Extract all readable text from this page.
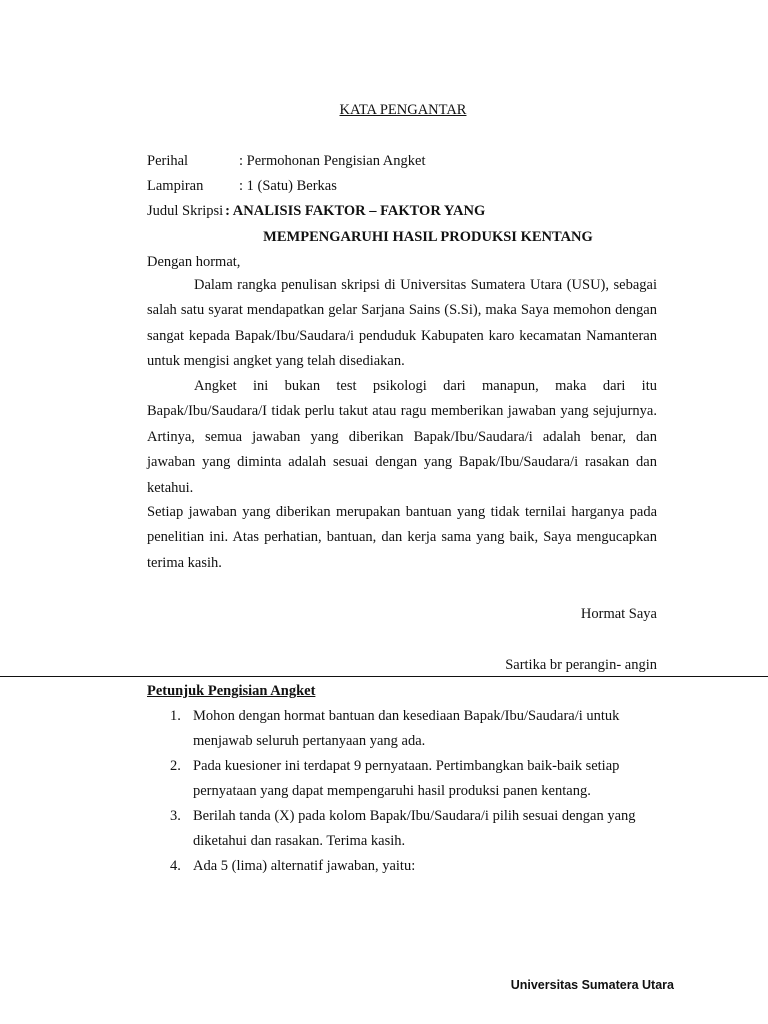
KATA PENGANTAR
Perihal	: Permohonan Pengisian Angket
Lampiran : 1 (Satu) Berkas
Judul Skripsi : ANALISIS FAKTOR – FAKTOR YANG
MEMPENGARUHI HASIL PRODUKSI KENTANG
Dengan hormat,
Dalam rangka penulisan skripsi di Universitas Sumatera Utara (USU), sebagai salah satu syarat mendapatkan gelar Sarjana Sains (S.Si), maka Saya memohon dengan sangat kepada Bapak/Ibu/Saudara/i penduduk Kabupaten karo kecamatan Namanteran untuk mengisi angket yang telah disediakan.
Angket ini bukan test psikologi dari manapun, maka dari itu Bapak/Ibu/Saudara/I tidak perlu takut atau ragu memberikan jawaban yang sejujurnya. Artinya, semua jawaban yang diberikan Bapak/Ibu/Saudara/i adalah benar, dan jawaban yang diminta adalah sesuai dengan yang Bapak/Ibu/Saudara/i rasakan dan ketahui.
Setiap jawaban yang diberikan merupakan bantuan yang tidak ternilai harganya pada penelitian ini. Atas perhatian, bantuan, dan kerja sama yang baik, Saya mengucapkan terima kasih.
Hormat Saya
Sartika br perangin- angin
Petunjuk Pengisian Angket
1. Mohon dengan hormat bantuan dan kesediaan Bapak/Ibu/Saudara/i untuk menjawab seluruh pertanyaan yang ada.
2. Pada kuesioner ini terdapat 9 pernyataan. Pertimbangkan baik-baik setiap pernyataan yang dapat mempengaruhi hasil produksi panen kentang.
3. Berilah tanda (X) pada kolom Bapak/Ibu/Saudara/i pilih sesuai dengan yang diketahui dan rasakan. Terima kasih.
4. Ada 5 (lima) alternatif jawaban, yaitu:
Universitas Sumatera Utara
